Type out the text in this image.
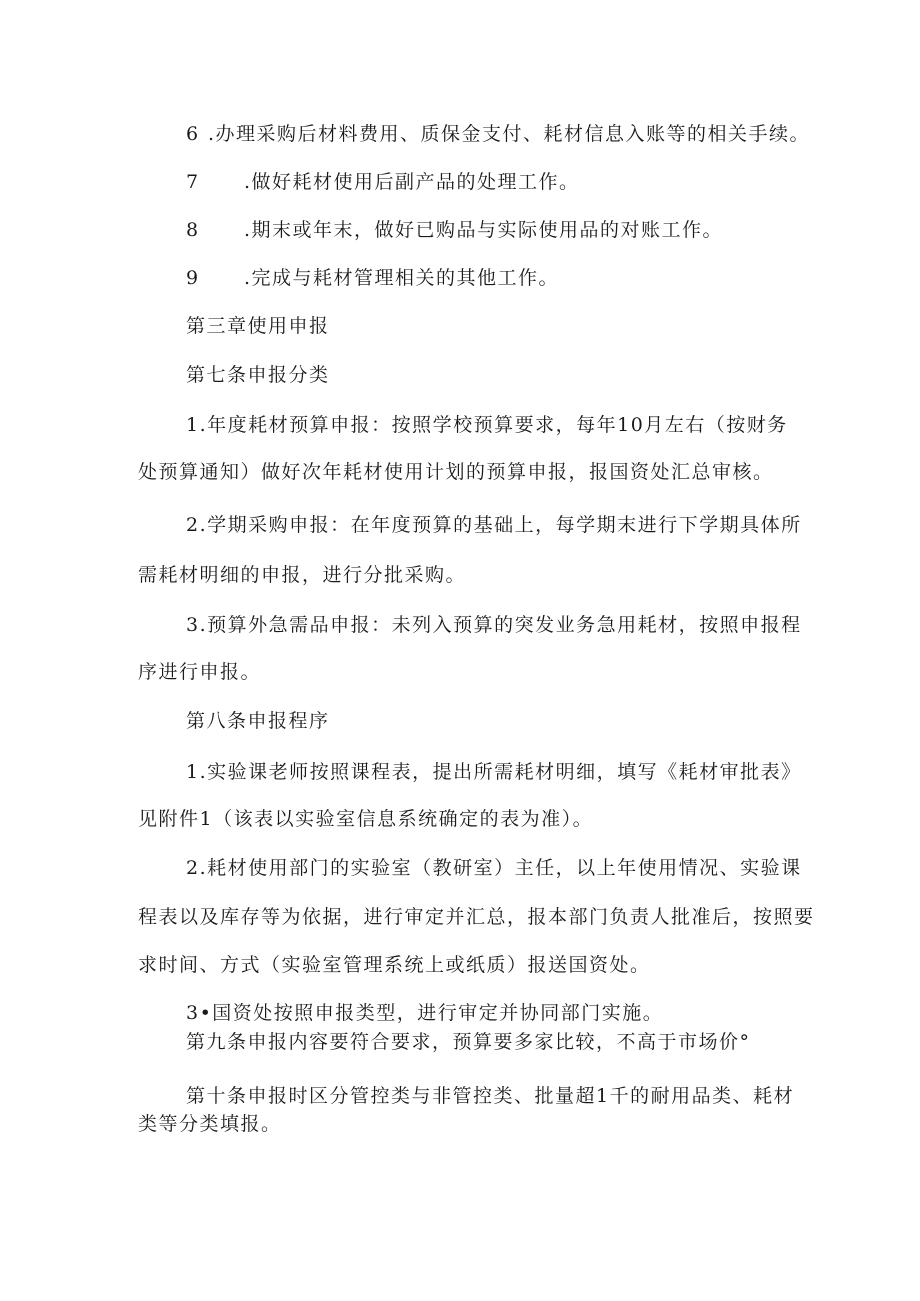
6 .办理采购后材料费用、质保金支付、耗材信息入账等的相关手续。
7 .做好耗材使用后副产品的处理工作。
8 .期末或年末，做好已购品与实际使用品的对账工作。
9 .完成与耗材管理相关的其他工作。
第三章使用申报
第七条申报分类
1.年度耗材预算申报：按照学校预算要求，每年10月左右（按财务
处预算通知）做好次年耗材使用计划的预算申报，报国资处汇总审核。
2.学期采购申报：在年度预算的基础上，每学期末进行下学期具体所
需耗材明细的申报，进行分批采购。
3.预算外急需品申报：未列入预算的突发业务急用耗材，按照申报程
序进行申报。
第八条申报程序
1.实验课老师按照课程表，提出所需耗材明细，填写《耗材审批表》
见附件1（该表以实验室信息系统确定的表为准）。
2.耗材使用部门的实验室（教研室）主任，以上年使用情况、实验课
程表以及库存等为依据，进行审定并汇总，报本部门负责人批准后，按照要
求时间、方式（实验室管理系统上或纸质）报送国资处。
3•国资处按照申报类型，进行审定并协同部门实施。
第九条申报内容要符合要求，预算要多家比较，不高于市场价°
第十条申报时区分管控类与非管控类、批量超1千的耐用品类、耗材
类等分类填报。
